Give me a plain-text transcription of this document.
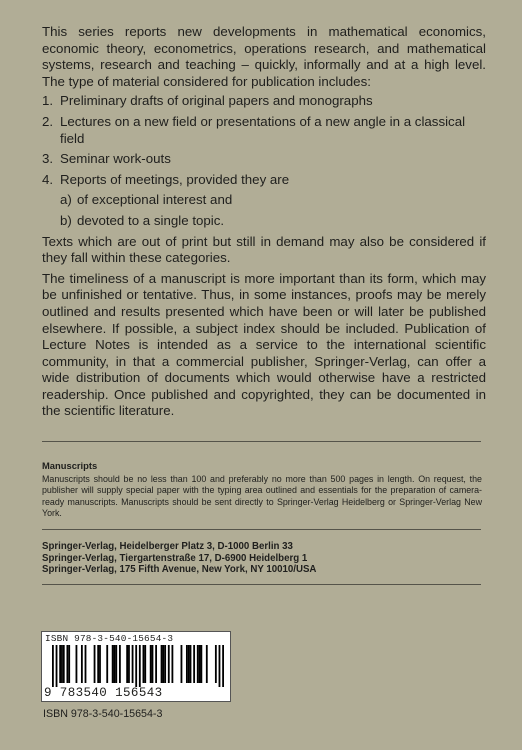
This series reports new developments in mathematical economics, economic theory, econometrics, operations research, and mathematical systems, research and teaching – quickly, informally and at a high level. The type of material considered for publication includes:

1. Preliminary drafts of original papers and monographs
2. Lectures on a new field or presentations of a new angle in a classical field
3. Seminar work-outs
4. Reports of meetings, provided they are
a) of exceptional interest and
b) devoted to a single topic.

Texts which are out of print but still in demand may also be considered if they fall within these categories.

The timeliness of a manuscript is more important than its form, which may be unfinished or tentative. Thus, in some instances, proofs may be merely outlined and results presented which have been or will later be published elsewhere. If possible, a subject index should be included. Publication of Lecture Notes is intended as a service to the international scientific community, in that a commercial publisher, Springer-Verlag, can offer a wide distribution of documents which would otherwise have a restricted readership. Once published and copyrighted, they can be documented in the scientific literature.

Manuscripts
Manuscripts should be no less than 100 and preferably no more than 500 pages in length. On request, the publisher will supply special paper with the typing area outlined and essentials for the preparation of camera-ready manuscripts. Manuscripts should be sent directly to Springer-Verlag Heidelberg or Springer-Verlag New York.
Springer-Verlag, Heidelberger Platz 3, D-1000 Berlin 33
Springer-Verlag, Tiergartenstraße 17, D-6900 Heidelberg 1
Springer-Verlag, 175 Fifth Avenue, New York, NY 10010/USA
ISBN 978-3-540-15654-3
9 783540 156543
ISBN 978-3-540-15654-3
